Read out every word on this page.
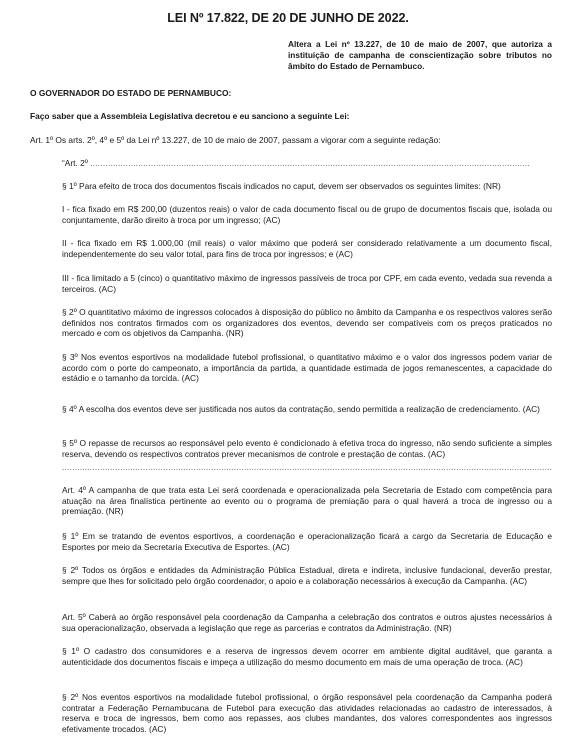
LEI Nº 17.822, DE 20 DE JUNHO DE 2022.
Altera a Lei nº 13.227, de 10 de maio de 2007, que autoriza a instituição de campanha de conscientização sobre tributos no âmbito do Estado de Pernambuco.

O GOVERNADOR DO ESTADO DE PERNAMBUCO:

Faço saber que a Assembleia Legislativa decretou e eu sanciono a seguinte Lei:

Art. 1º Os arts. 2º, 4º e 5º da Lei nº 13.227, de 10 de maio de 2007, passam a vigorar com a seguinte redação:

“Art. 2º .....

§ 1º Para efeito de troca dos documentos fiscais indicados no caput, devem ser observados os seguintes limites: (NR)

I - fica fixado em R$ 200,00 (duzentos reais) o valor de cada documento fiscal ou de grupo de documentos fiscais que, isolada ou conjuntamente, darão direito à troca por um ingresso; (AC)

II - fica fixado em R$ 1.000,00 (mil reais) o valor máximo que poderá ser considerado relativamente a um documento fiscal, independentemente do seu valor total, para fins de troca por ingressos; e (AC)

III - fica limitado a 5 (cinco) o quantitativo máximo de ingressos passíveis de troca por CPF, em cada evento, vedada sua revenda a terceiros. (AC)

§ 2º O quantitativo máximo de ingressos colocados à disposição do público no âmbito da Campanha e os respectivos valores serão definidos nos contratos firmados com os organizadores dos eventos, devendo ser compatíveis com os preços praticados no mercado e com os objetivos da Campanha. (NR)

§ 3º Nos eventos esportivos na modalidade futebol profissional, o quantitativo máximo e o valor dos ingressos podem variar de acordo com o porte do campeonato, a importância da partida, a quantidade estimada de jogos remanescentes, a capacidade do estádio e o tamanho da torcida. (AC)

§ 4º A escolha dos eventos deve ser justificada nos autos da contratação, sendo permitida a realização de credenciamento. (AC)

§ 5º O repasse de recursos ao responsável pelo evento é condicionado à efetiva troca do ingresso, não sendo suficiente a simples reserva, devendo os respectivos contratos prever mecanismos de controle e prestação de contas. (AC)

.....

Art. 4º A campanha de que trata esta Lei será coordenada e operacionalizada pela Secretaria de Estado com competência para atuação na área finalística pertinente ao evento ou o programa de premiação para o qual haverá a troca de ingresso ou a premiação. (NR)

§ 1º Em se tratando de eventos esportivos, a coordenação e operacionalização ficará a cargo da Secretaria de Educação e Esportes por meio da Secretaria Executiva de Esportes. (AC)

§ 2º Todos os órgãos e entidades da Administração Pública Estadual, direta e indireta, inclusive fundacional, deverão prestar, sempre que lhes for solicitado pelo órgão coordenador, o apoio e a colaboração necessários à execução da Campanha. (AC)

Art. 5º Caberá ao órgão responsável pela coordenação da Campanha a celebração dos contratos e outros ajustes necessários à sua operacionalização, observada a legislação que rege as parcerias e contratos da Administração. (NR)

§ 1º O cadastro dos consumidores e a reserva de ingressos devem ocorrer em ambiente digital auditável, que garanta a autenticidade dos documentos fiscais e impeça a utilização do mesmo documento em mais de uma operação de troca. (AC)

§ 2º Nos eventos esportivos na modalidade futebol profissional, o órgão responsável pela coordenação da Campanha poderá contratar a Federação Pernambucana de Futebol para execução das atividades relacionadas ao cadastro de interessados, à reserva e troca de ingressos, bem como aos repasses, aos clubes mandantes, dos valores correspondentes aos ingressos efetivamente trocados. (AC)
